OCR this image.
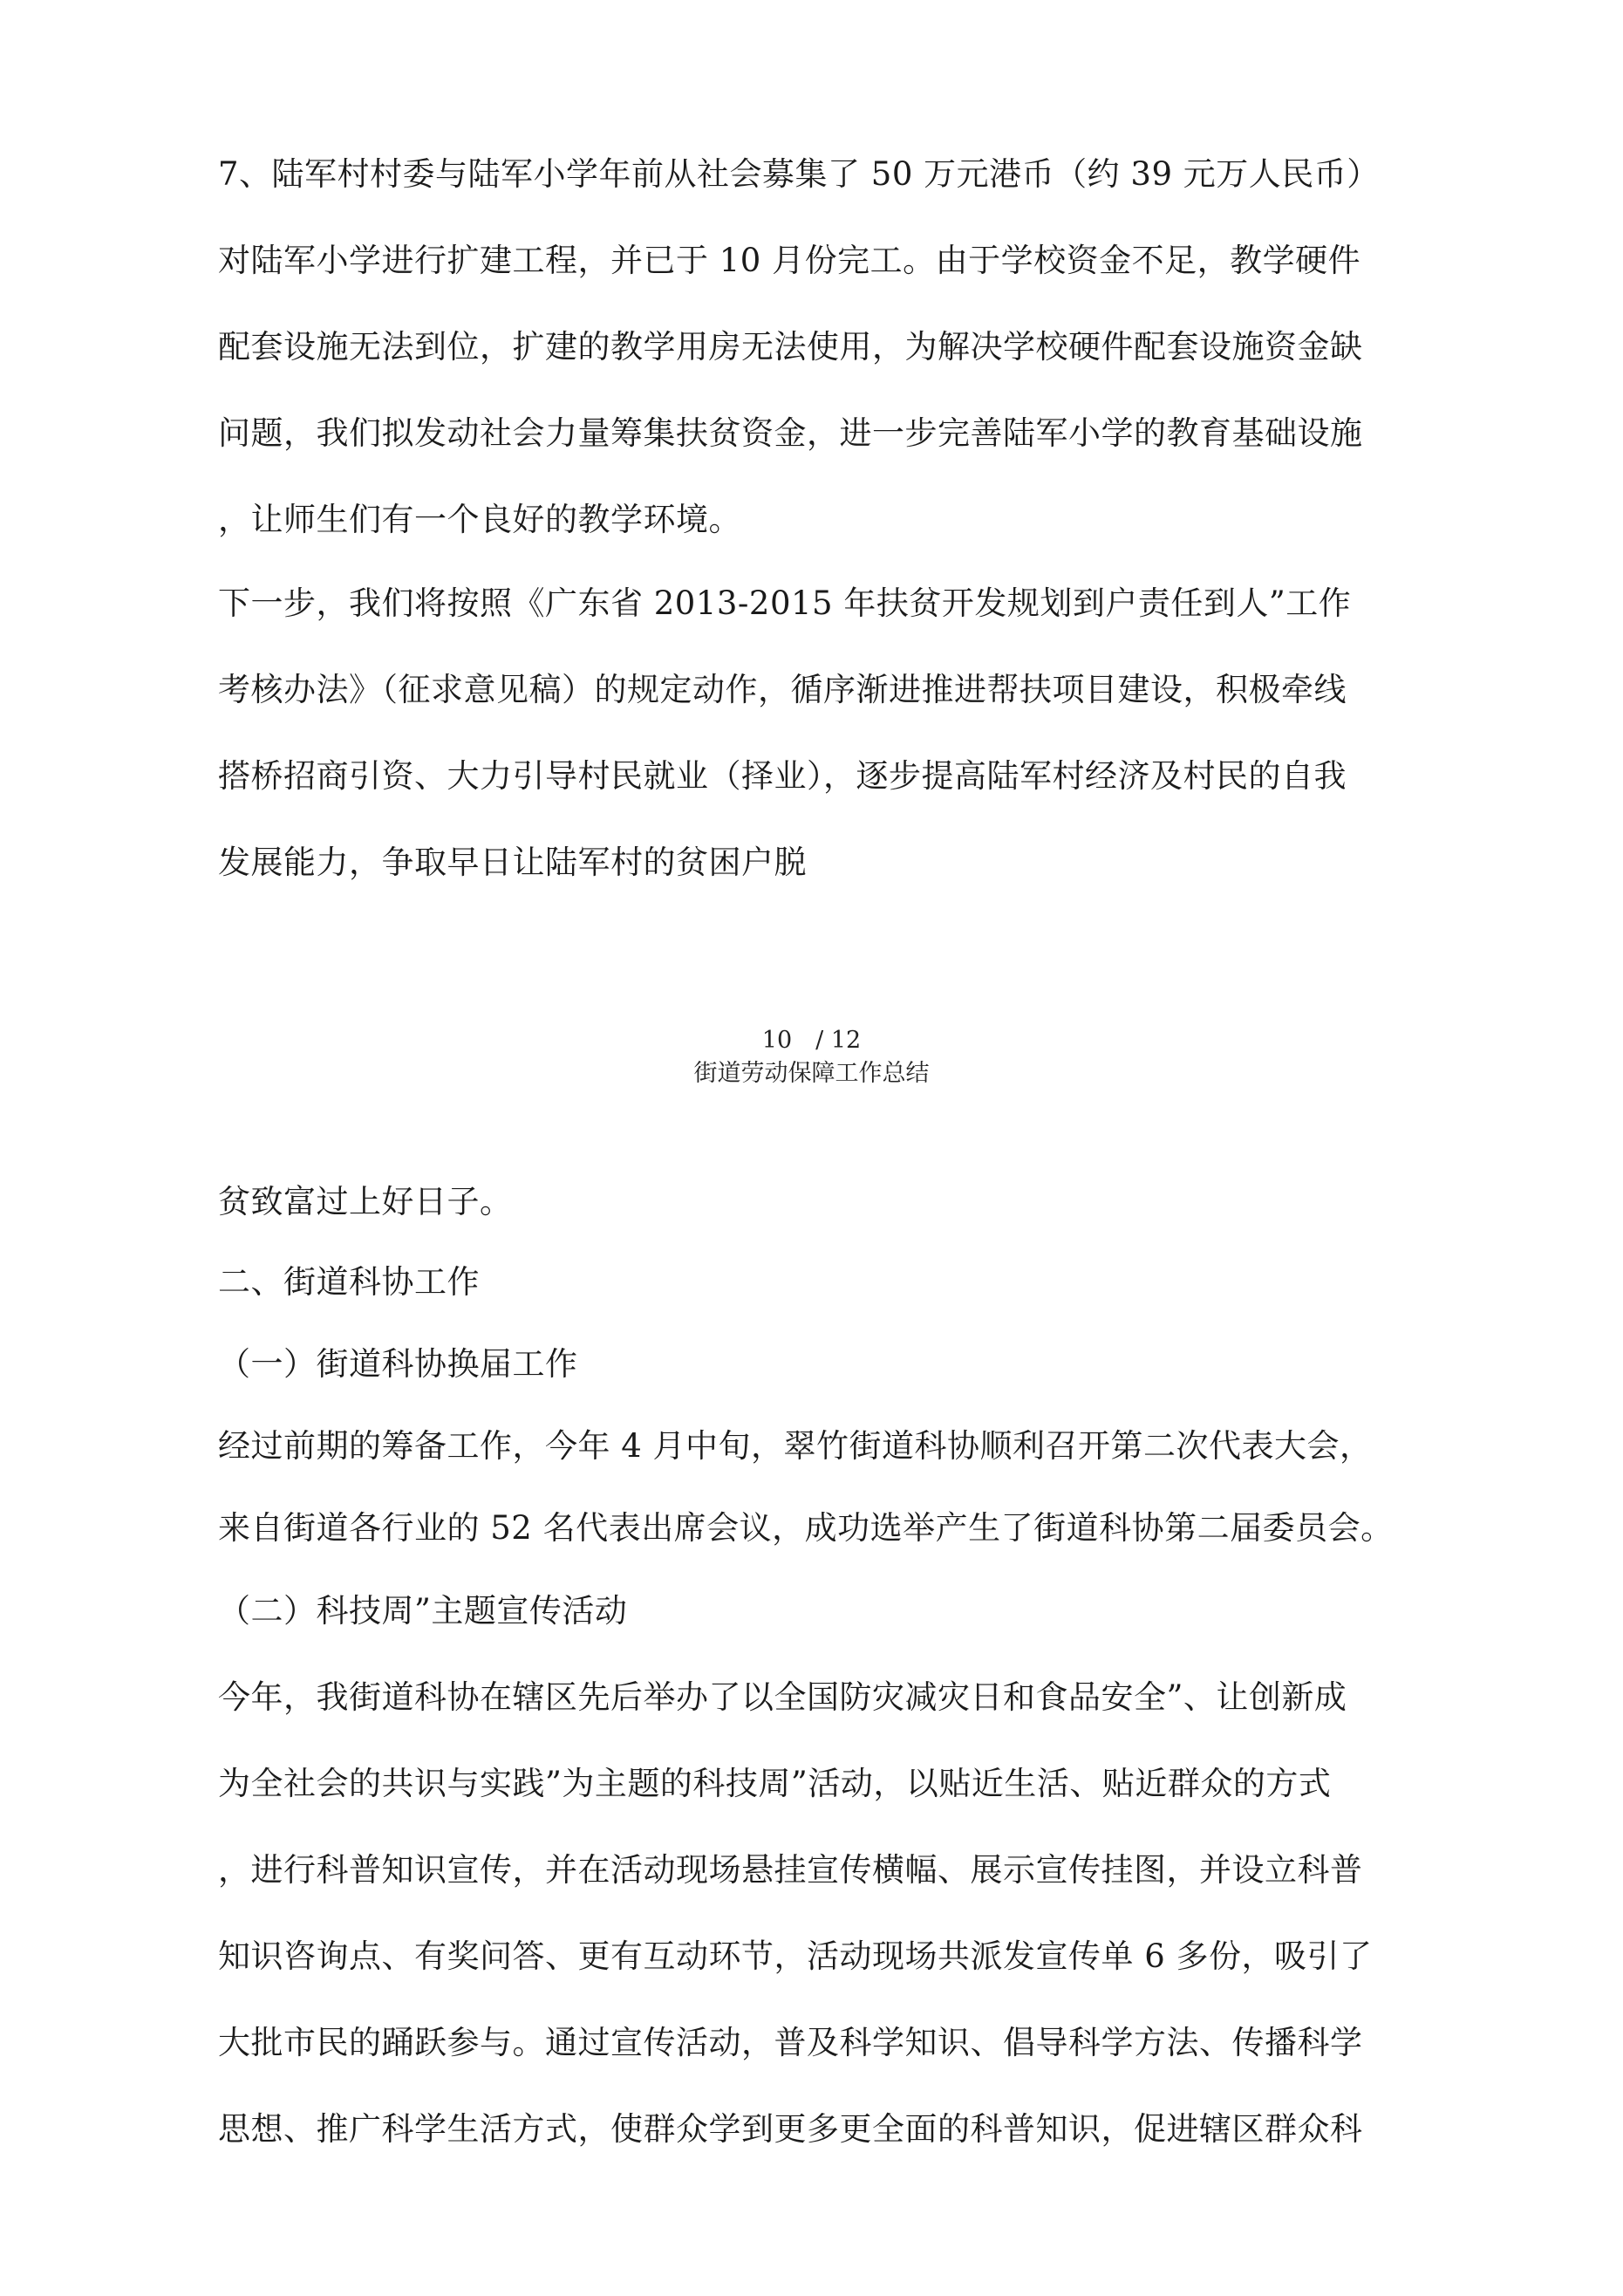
7、陆军村村委与陆军小学年前从社会募集了 50 万元港币（约 39 元万人民币）
对陆军小学进行扩建工程，并已于 10 月份完工。由于学校资金不足，教学硬件
配套设施无法到位，扩建的教学用房无法使用，为解决学校硬件配套设施资金缺
问题，我们拟发动社会力量筹集扶贫资金，进一步完善陆军小学的教育基础设施
，让师生们有一个良好的教学环境。
下一步，我们将按照《广东省 2013-2015 年扶贫开发规划到户责任到人”工作
考核办法》（征求意见稿）的规定动作，循序渐进推进帮扶项目建设，积极牵线
搭桥招商引资、大力引导村民就业（择业），逐步提高陆军村经济及村民的自我
发展能力，争取早日让陆军村的贫困户脱
10　/ 12
街道劳动保障工作总结
贫致富过上好日子。
二、街道科协工作
（一）街道科协换届工作
经过前期的筹备工作，今年 4 月中旬，翠竹街道科协顺利召开第二次代表大会，
来自街道各行业的 52 名代表出席会议，成功选举产生了街道科协第二届委员会。
（二）科技周”主题宣传活动
今年，我街道科协在辖区先后举办了以全国防灾减灾日和食品安全”、让创新成
为全社会的共识与实践”为主题的科技周”活动，以贴近生活、贴近群众的方式
，进行科普知识宣传，并在活动现场悬挂宣传横幅、展示宣传挂图，并设立科普
知识咨询点、有奖问答、更有互动环节，活动现场共派发宣传单 6 多份，吸引了
大批市民的踊跃参与。通过宣传活动，普及科学知识、倡导科学方法、传播科学
思想、推广科学生活方式，使群众学到更多更全面的科普知识，促进辖区群众科
